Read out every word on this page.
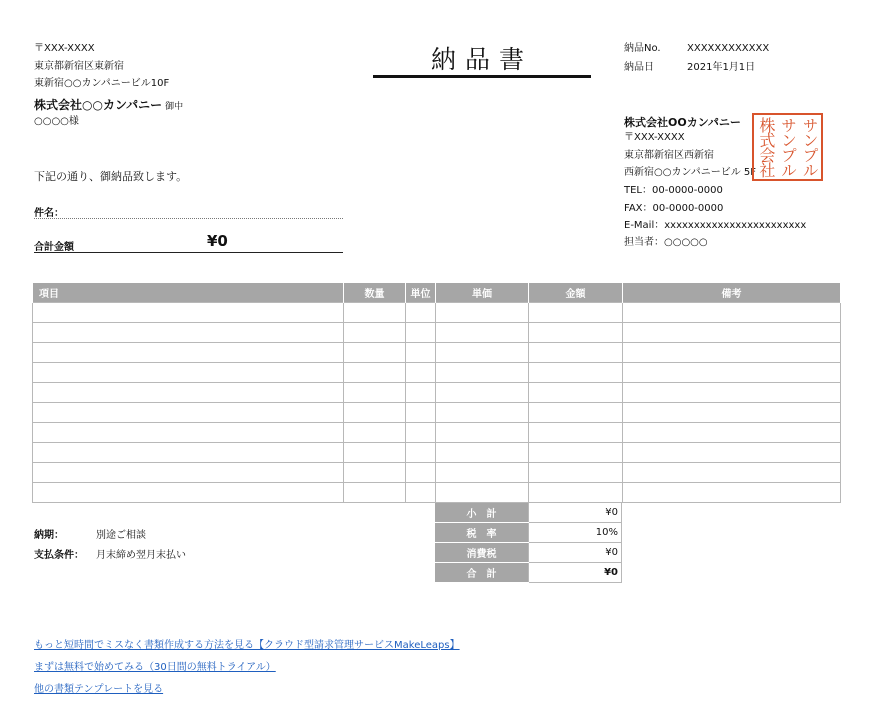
〒XXX-XXXX
東京都新宿区東新宿
東新宿○○カンパニービル10F
株式会社○○カンパニー 御中
○○○○様
下記の通り、御納品致します。
件名：
合計金額	¥0
納品書	納品No.	XXXXXXXXXXXX
納品日	2021年1月1日
株式会社OOカンパニー
〒XXX-XXXX
東京都新宿区西新宿
西新宿○○カンパニービル 5F
TEL：00-0000-0000
FAX：00-0000-0000
E-Mail：xxxxxxxxxxxxxxxxxxxxxxxx
担当者：○○○○○
サンプル
サンプル
株式会社
項目	数量	単位	単価	金額	備考

小　計	¥0
税　率	10%
消費税	¥0
合　計	¥0
納期：	別途ご相談
支払条件： 月末締め翌月末払い
もっと短時間でミスなく書類作成する方法を見る【クラウド型請求管理サービスMakeLeaps】
まずは無料で始めてみる（30日間の無料トライアル）
他の書類テンプレートを見る
